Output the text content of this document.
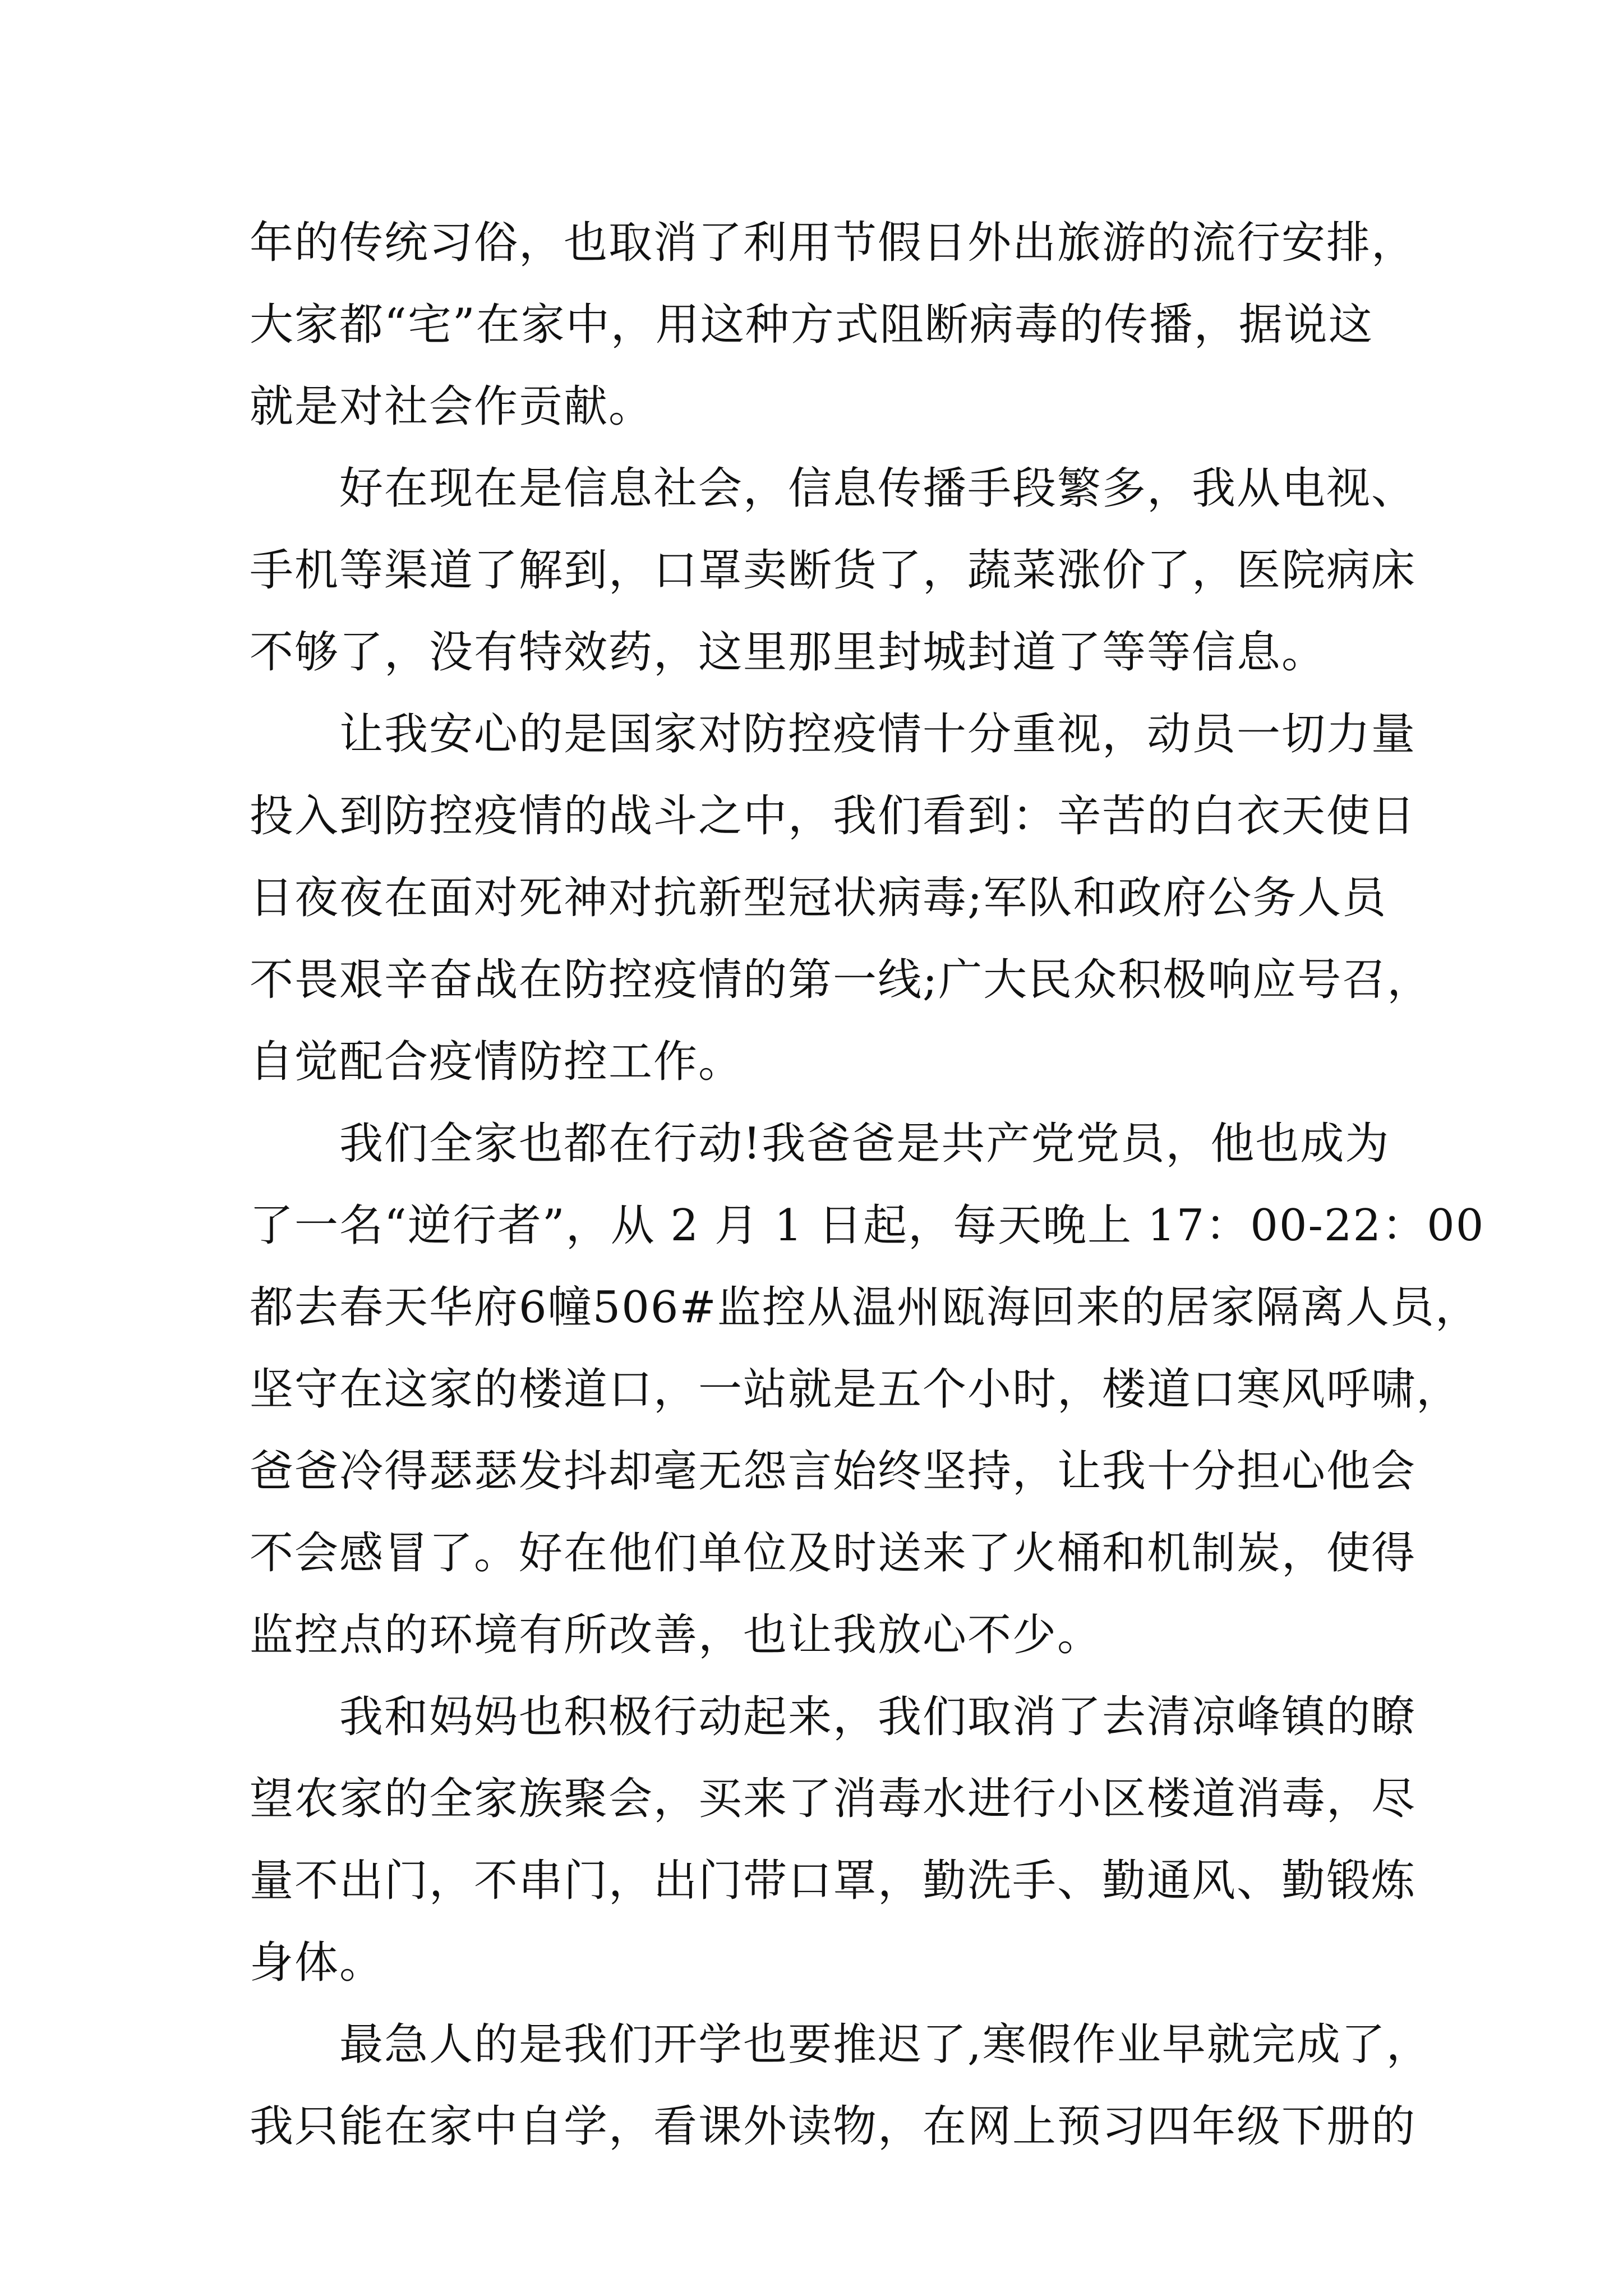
年的传统习俗，也取消了利用节假日外出旅游的流行安排，
大家都“宅”在家中，用这种方式阻断病毒的传播，据说这
就是对社会作贡献。
好在现在是信息社会，信息传播手段繁多，我从电视、
手机等渠道了解到，口罩卖断货了，蔬菜涨价了，医院病床
不够了，没有特效药，这里那里封城封道了等等信息。
让我安心的是国家对防控疫情十分重视，动员一切力量
投入到防控疫情的战斗之中，我们看到：辛苦的白衣天使日
日夜夜在面对死神对抗新型冠状病毒;军队和政府公务人员
不畏艰辛奋战在防控疫情的第一线;广大民众积极响应号召，
自觉配合疫情防控工作。
我们全家也都在行动!我爸爸是共产党党员，他也成为
了一名“逆行者”，从 2 月 1 日起，每天晚上 17：00-22：00
都去春天华府6幢506#监控从温州瓯海回来的居家隔离人员，
坚守在这家的楼道口，一站就是五个小时，楼道口寒风呼啸，
爸爸冷得瑟瑟发抖却毫无怨言始终坚持，让我十分担心他会
不会感冒了。好在他们单位及时送来了火桶和机制炭，使得
监控点的环境有所改善，也让我放心不少。
我和妈妈也积极行动起来，我们取消了去清凉峰镇的瞭
望农家的全家族聚会，买来了消毒水进行小区楼道消毒，尽
量不出门，不串门，出门带口罩，勤洗手、勤通风、勤锻炼
身体。
最急人的是我们开学也要推迟了,寒假作业早就完成了，
我只能在家中自学，看课外读物，在网上预习四年级下册的
